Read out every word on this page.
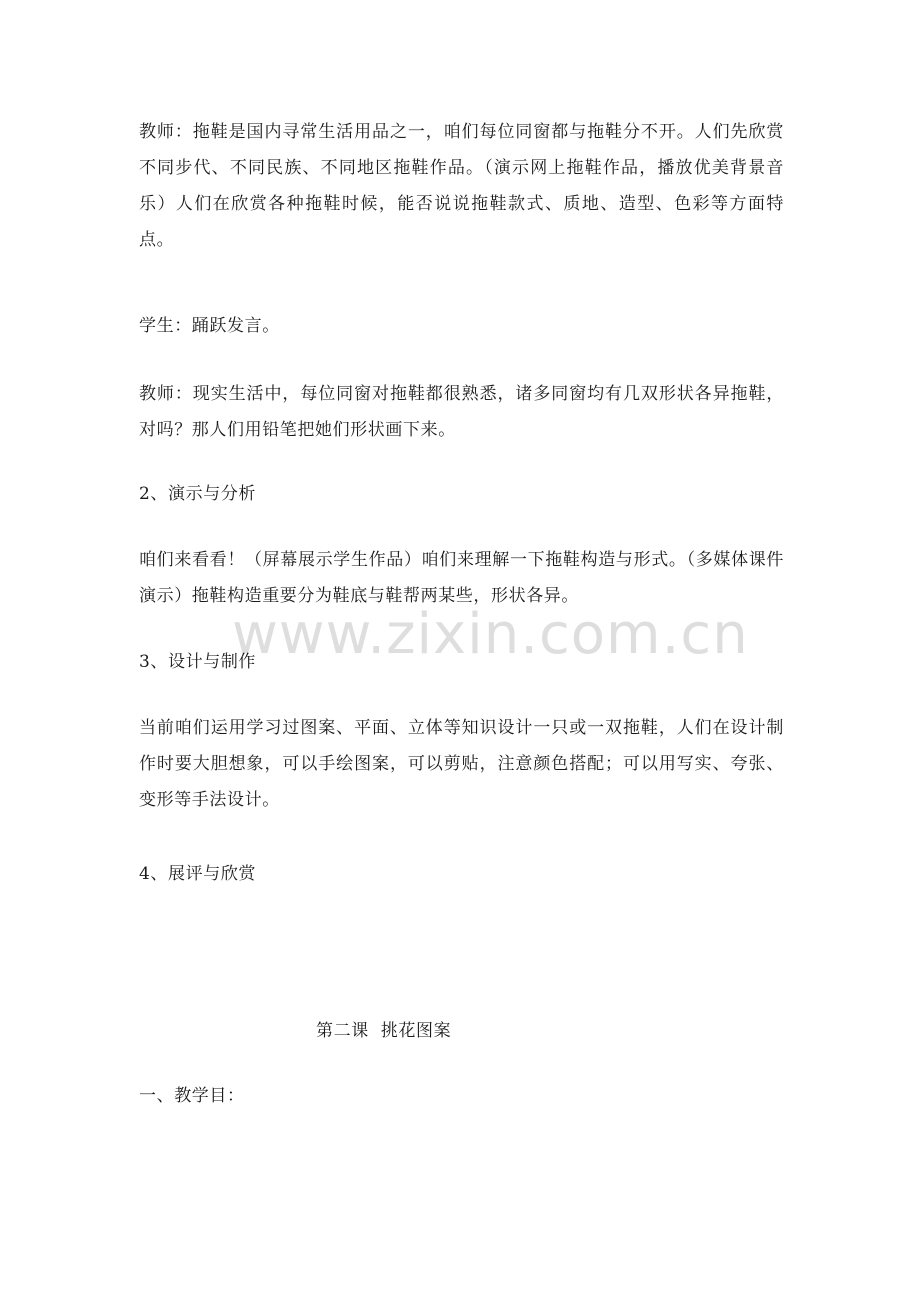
教师：拖鞋是国内寻常生活用品之一，咱们每位同窗都与拖鞋分不开。人们先欣赏不同步代、不同民族、不同地区拖鞋作品。（演示网上拖鞋作品，播放优美背景音乐）人们在欣赏各种拖鞋时候，能否说说拖鞋款式、质地、造型、色彩等方面特点。

学生：踊跃发言。

教师：现实生活中，每位同窗对拖鞋都很熟悉，诸多同窗均有几双形状各异拖鞋，对吗？那人们用铅笔把她们形状画下来。

2、演示与分析

咱们来看看！（屏幕展示学生作品）咱们来理解一下拖鞋构造与形式。（多媒体课件演示）拖鞋构造重要分为鞋底与鞋帮两某些，形状各异。

www.zixin.com.cn

3、设计与制作

当前咱们运用学习过图案、平面、立体等知识设计一只或一双拖鞋，人们在设计制作时要大胆想象，可以手绘图案，可以剪贴，注意颜色搭配；可以用写实、夸张、变形等手法设计。

4、展评与欣赏

第二课  挑花图案

一、教学目：
